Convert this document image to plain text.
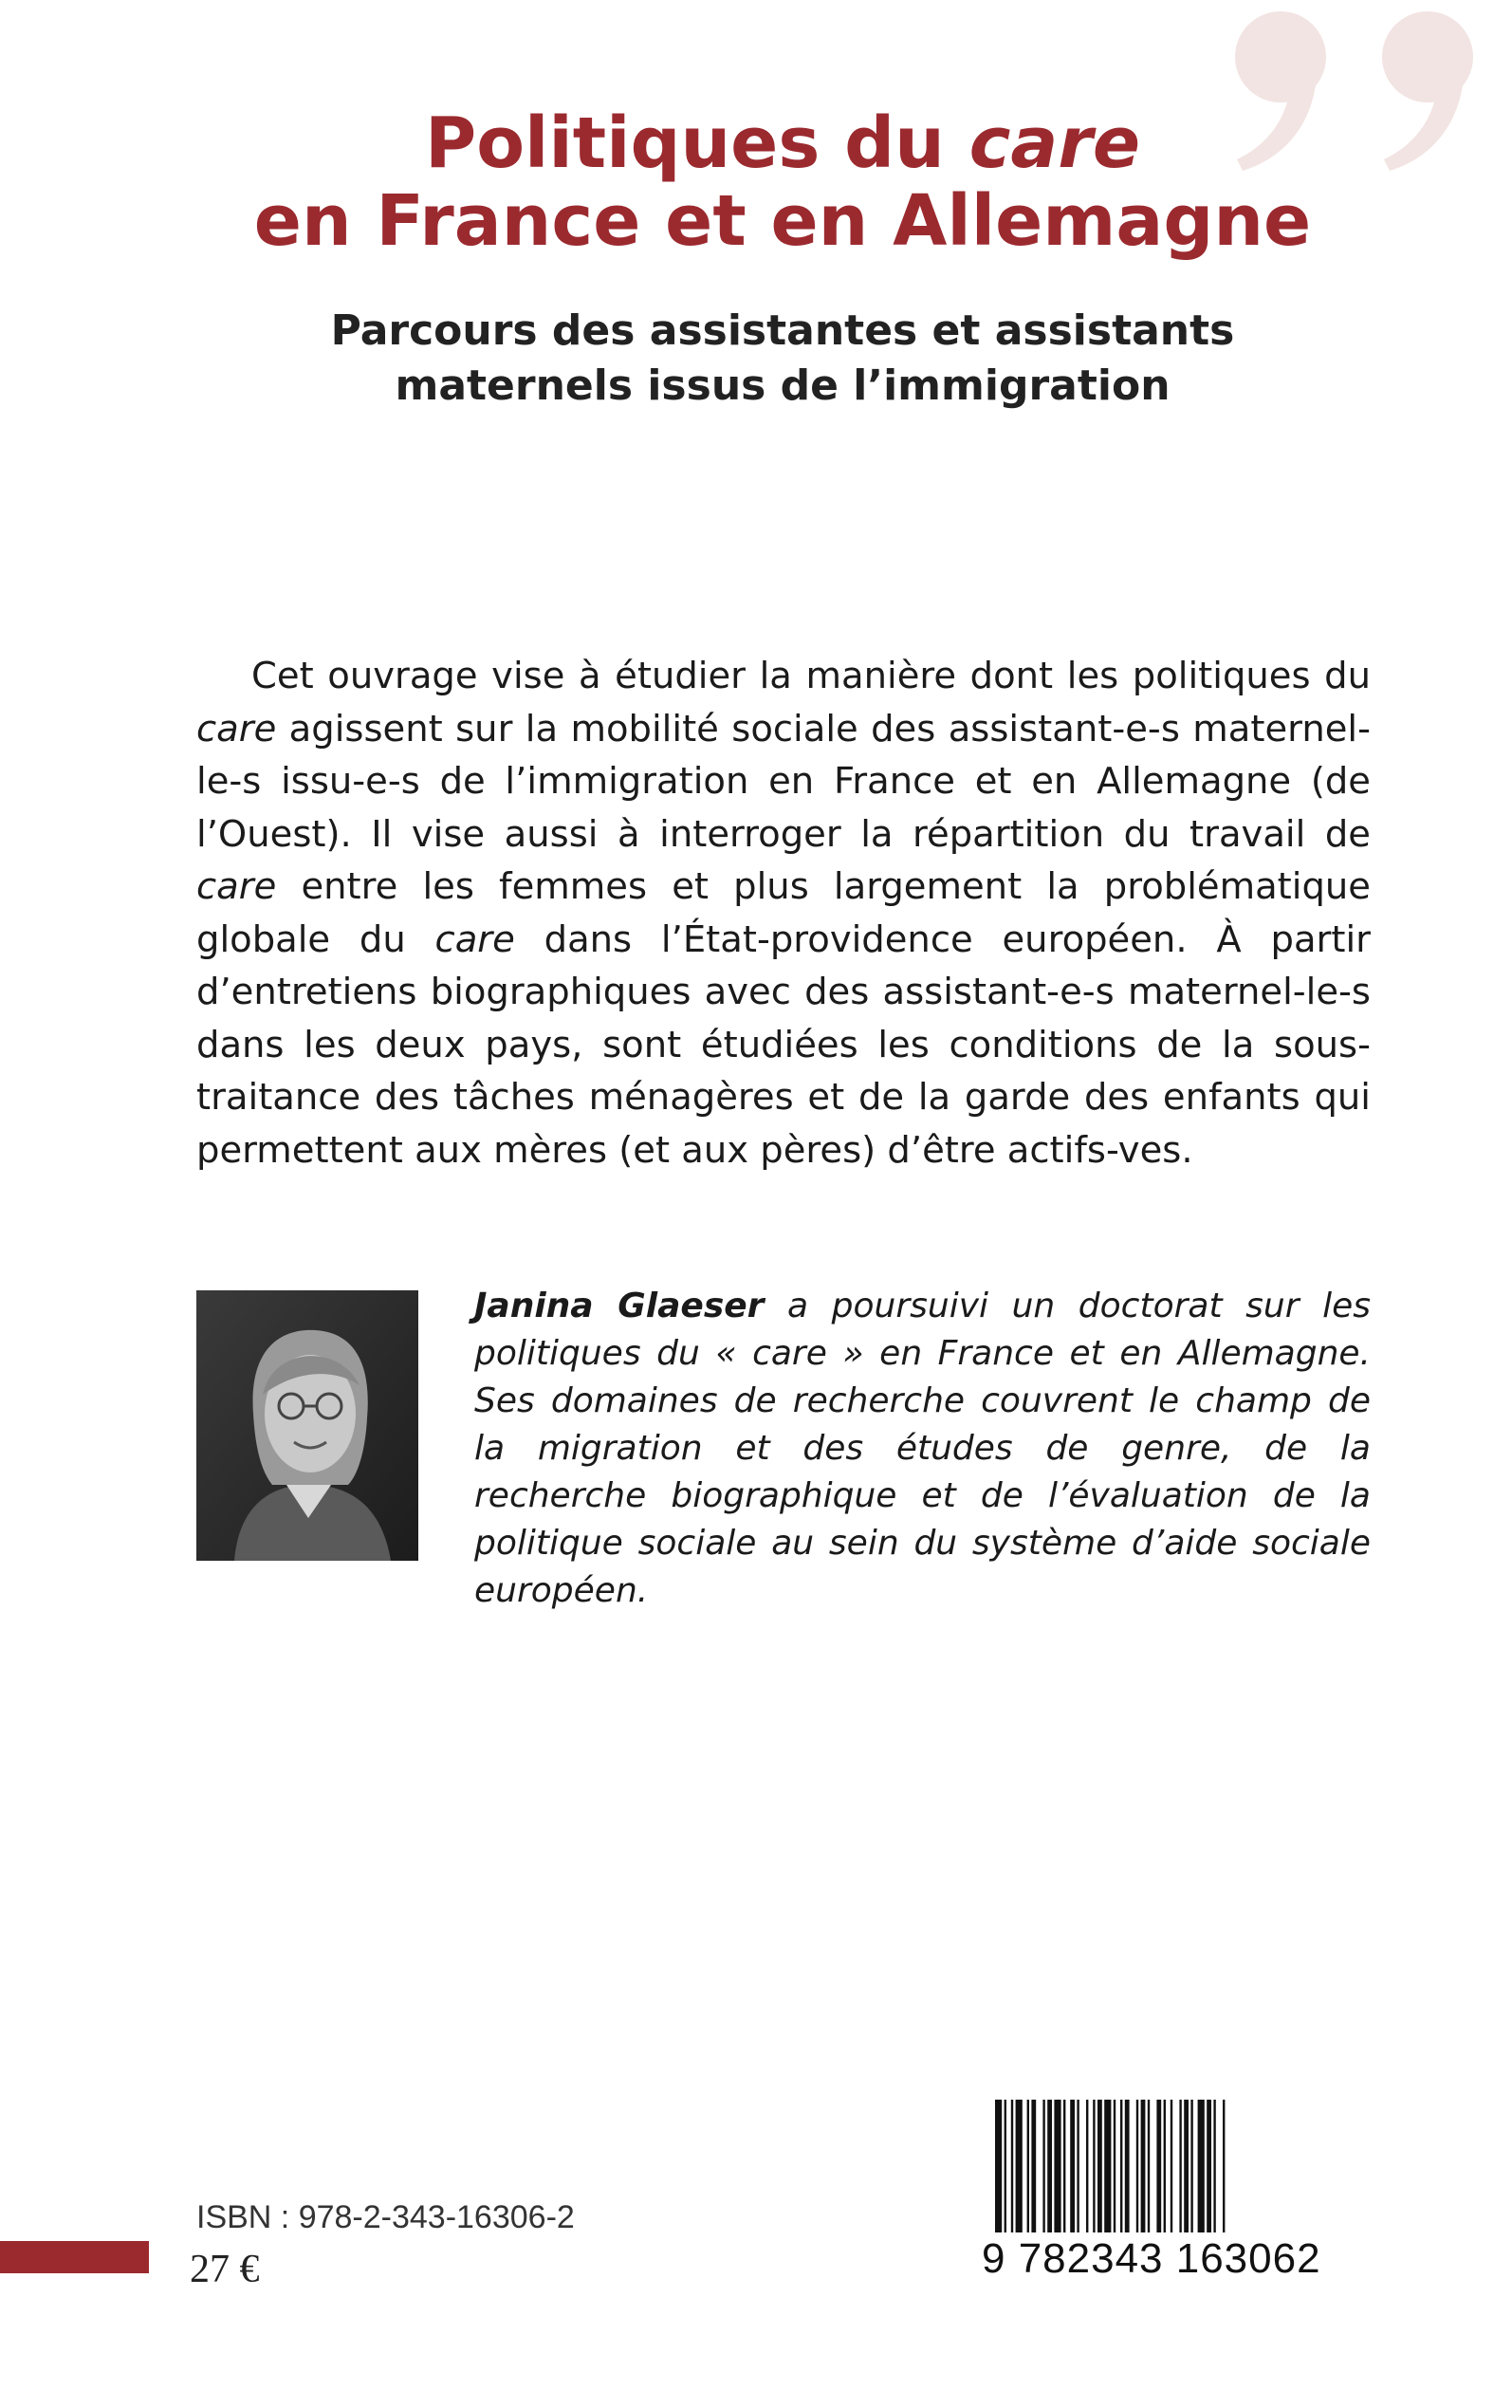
Politiques du care
en France et en Allemagne
Parcours des assistantes et assistants
maternels issus de l’immigration

Cet ouvrage vise à étudier la manière dont les politiques du care agissent sur la mobilité sociale des assistant-e-s maternel-le-s issu-e-s de l’immigration en France et en Allemagne (de l’Ouest). Il vise aussi à interroger la répartition du travail de care entre les femmes et plus largement la problématique globale du care dans l’État-providence européen. À partir d’entretiens biographiques avec des assistant-e-s maternel-le-s dans les deux pays, sont étudiées les conditions de la sous-traitance des tâches ménagères et de la garde des enfants qui permettent aux mères (et aux pères) d’être actifs-ves.

Janina Glaeser a poursuivi un doctorat sur les politiques du « care » en France et en Allemagne. Ses domaines de recherche couvrent le champ de la migration et des études de genre, de la recherche biographique et de l’évaluation de la politique sociale au sein du système d’aide sociale européen.

ISBN : 978-2-343-16306-2
27 €	9 782343 163062
